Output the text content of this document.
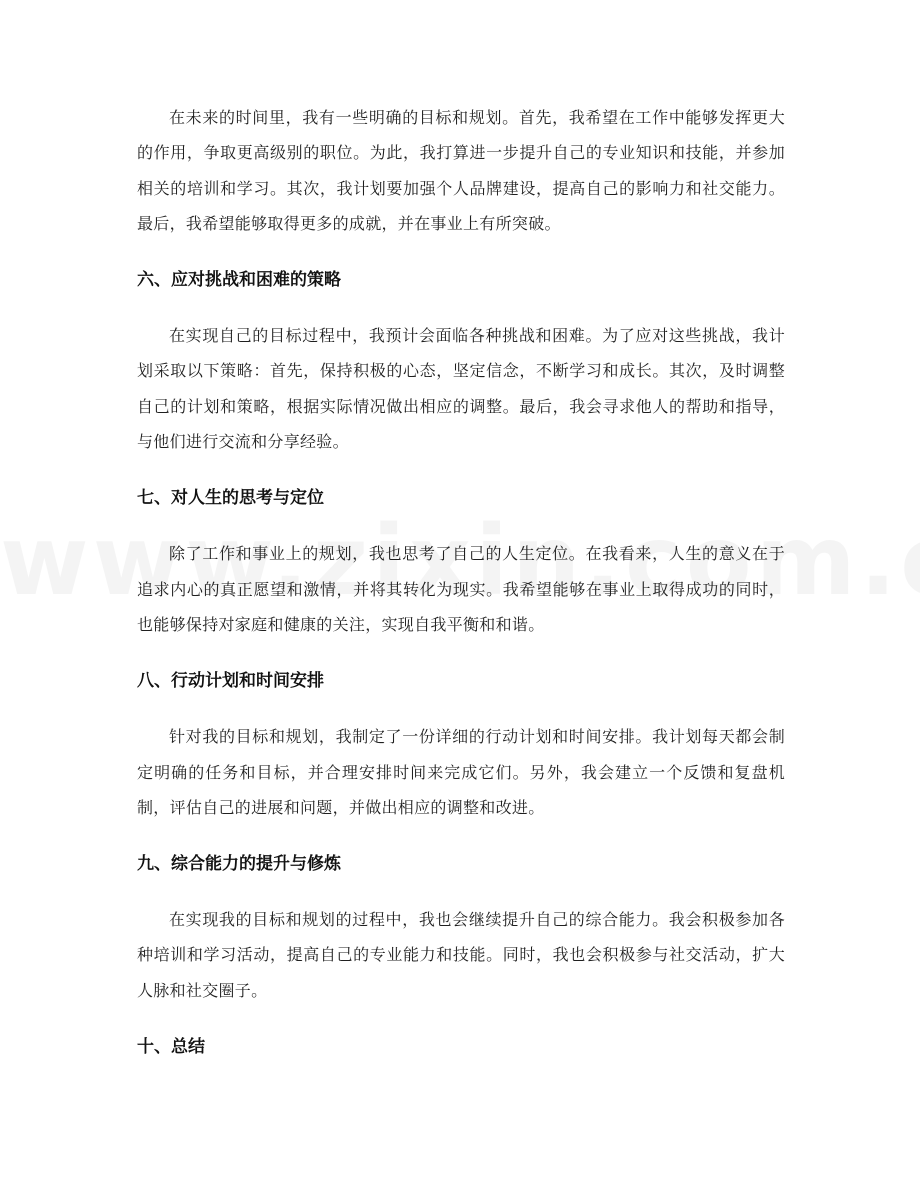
在未来的时间里，我有一些明确的目标和规划。首先，我希望在工作中能够发挥更大的作用，争取更高级别的职位。为此，我打算进一步提升自己的专业知识和技能，并参加相关的培训和学习。其次，我计划要加强个人品牌建设，提高自己的影响力和社交能力。最后，我希望能够取得更多的成就，并在事业上有所突破。

六、应对挑战和困难的策略

在实现自己的目标过程中，我预计会面临各种挑战和困难。为了应对这些挑战，我计划采取以下策略：首先，保持积极的心态，坚定信念，不断学习和成长。其次，及时调整自己的计划和策略，根据实际情况做出相应的调整。最后，我会寻求他人的帮助和指导，与他们进行交流和分享经验。

七、对人生的思考与定位

除了工作和事业上的规划，我也思考了自己的人生定位。在我看来，人生的意义在于追求内心的真正愿望和激情，并将其转化为现实。我希望能够在事业上取得成功的同时，也能够保持对家庭和健康的关注，实现自我平衡和和谐。

八、行动计划和时间安排

针对我的目标和规划，我制定了一份详细的行动计划和时间安排。我计划每天都会制定明确的任务和目标，并合理安排时间来完成它们。另外，我会建立一个反馈和复盘机制，评估自己的进展和问题，并做出相应的调整和改进。

九、综合能力的提升与修炼

在实现我的目标和规划的过程中，我也会继续提升自己的综合能力。我会积极参加各种培训和学习活动，提高自己的专业能力和技能。同时，我也会积极参与社交活动，扩大人脉和社交圈子。

十、总结
